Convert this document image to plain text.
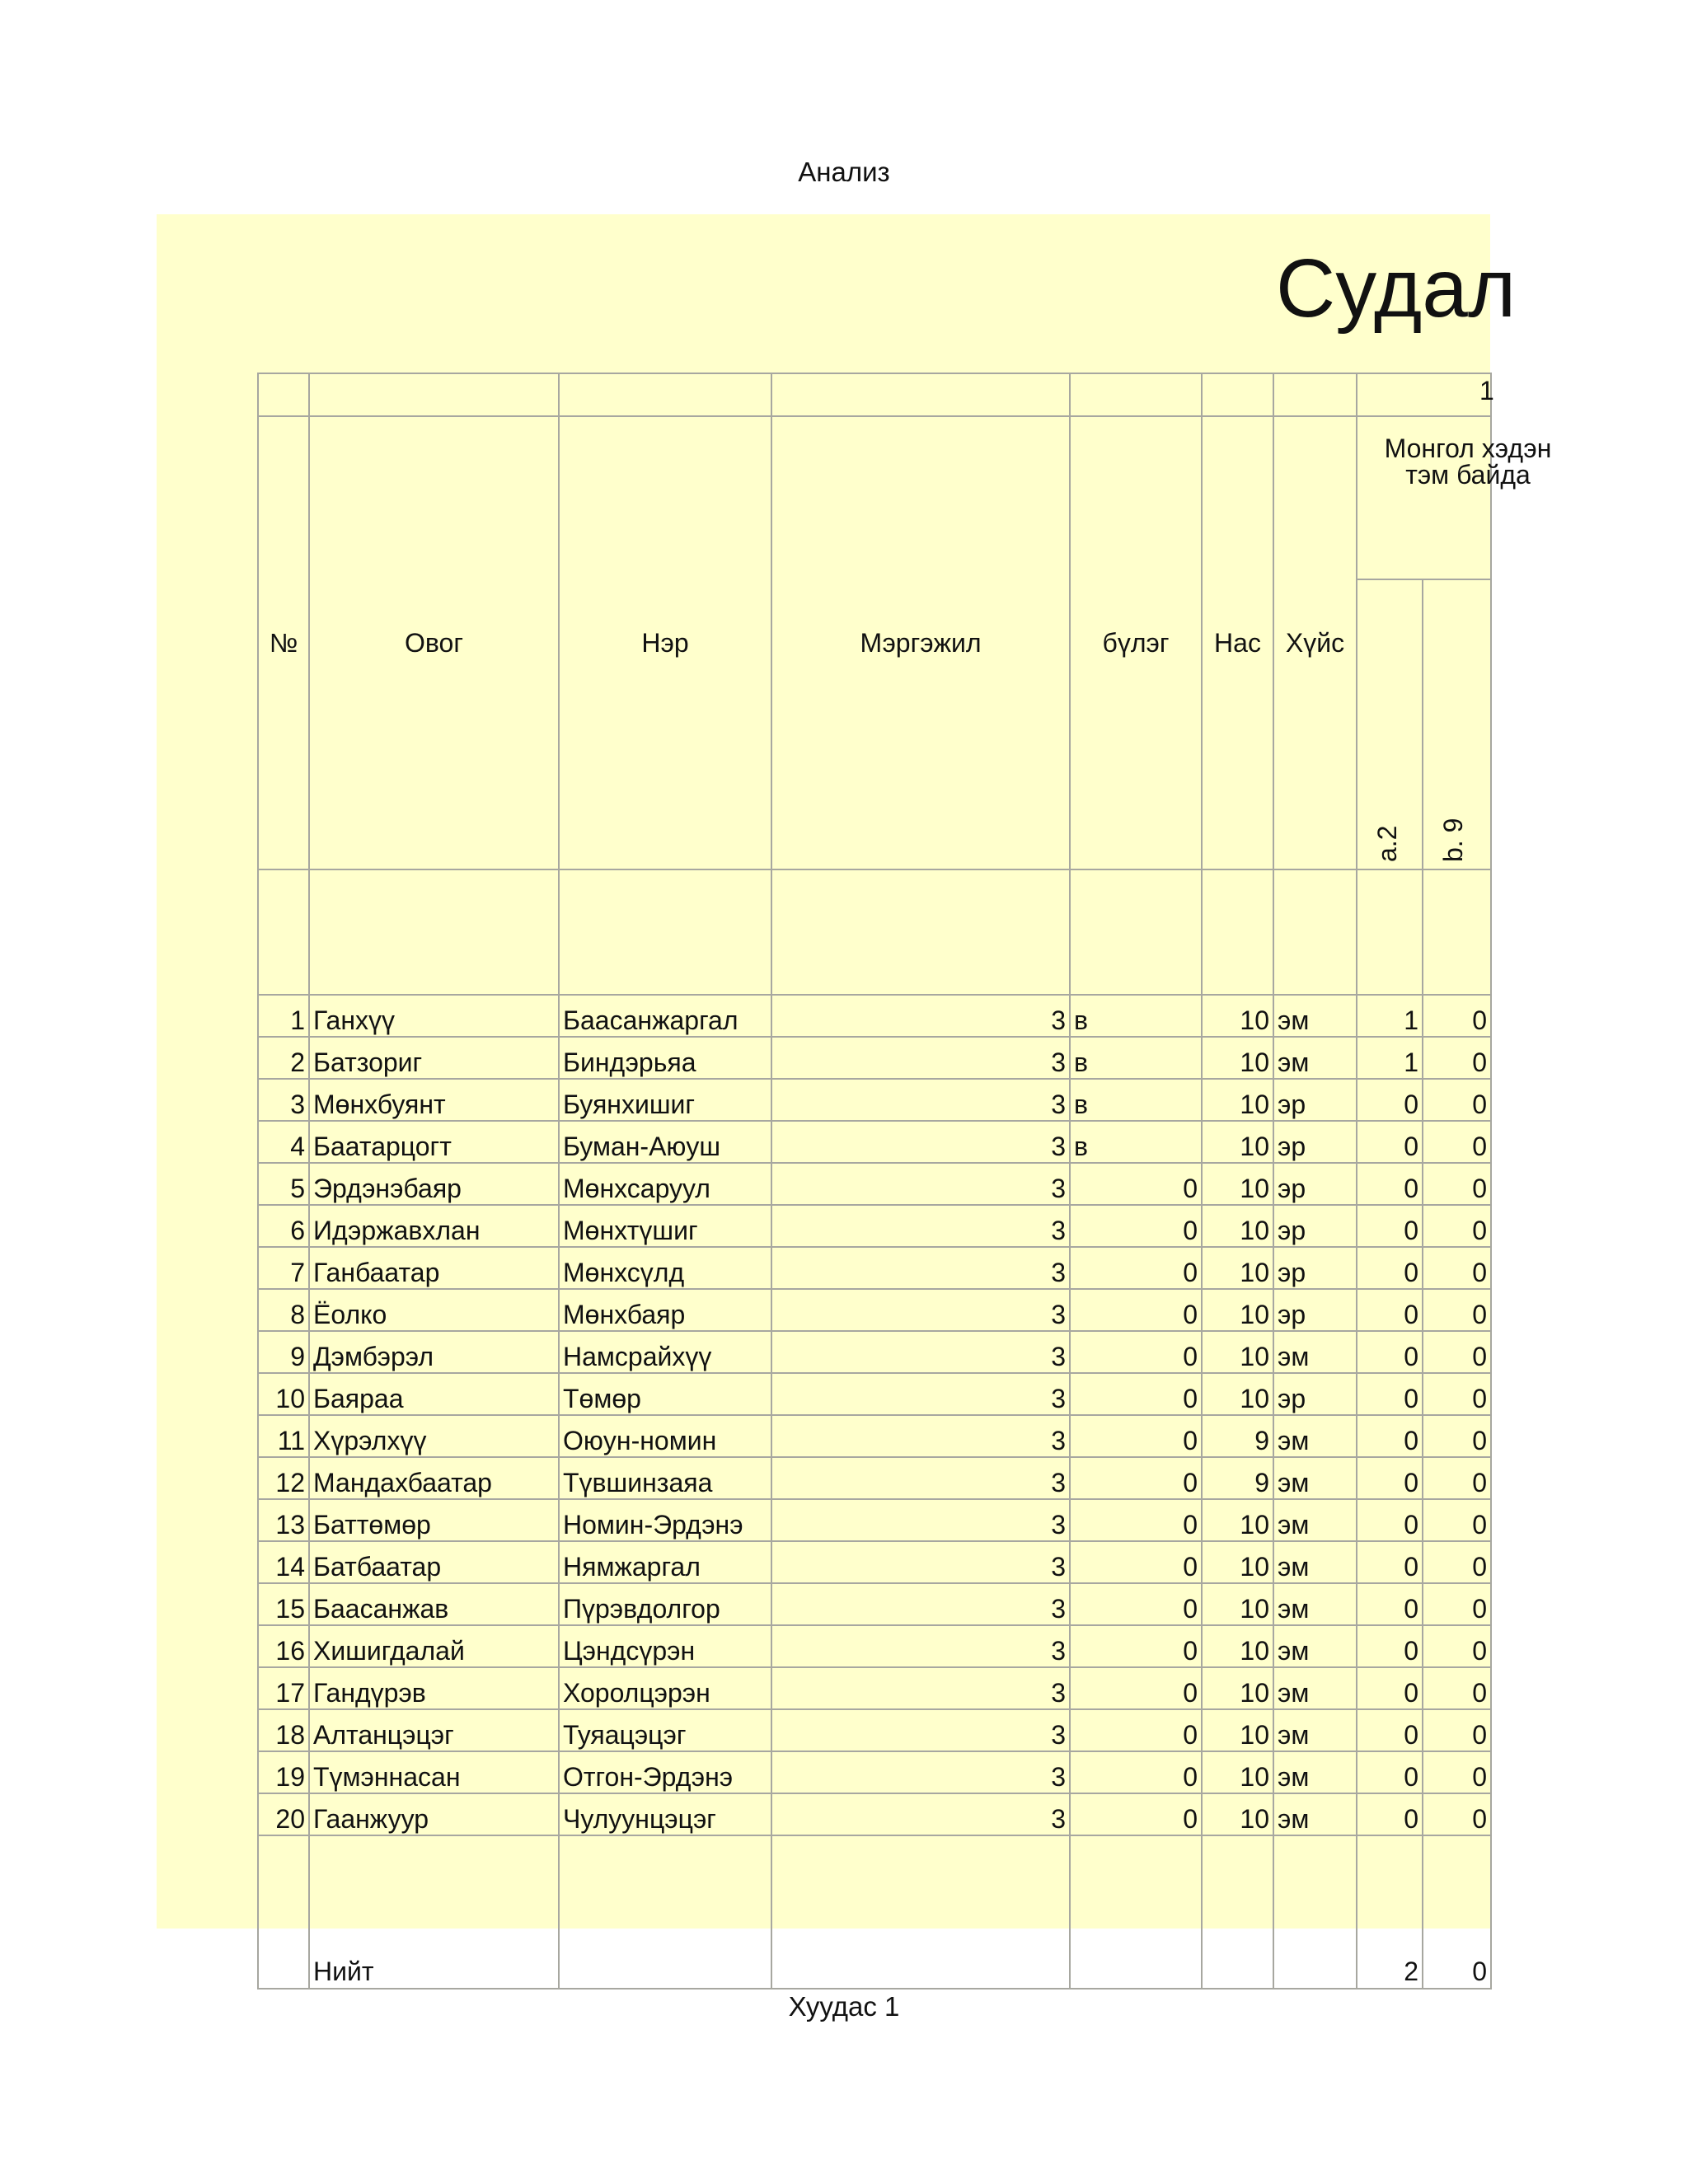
Анализ
Судал
							1	
№	Овог	Нэр	Мэргэжил	бүлэг	Нас	Хүйс	Монгол хэдэн тэм байда	

							a.2	b. 9

1	Ганхүү	Баасанжаргал	3	в	10	эм	1	0
2	Батзориг	Биндэрьяа	3	в	10	эм	1	0
3	Мөнхбуянт	Буянхишиг	3	в	10	эр	0	0
4	Баатарцогт	Буман-Аюуш	3	в	10	эр	0	0
5	Эрдэнэбаяр	Мөнхсаруул	3	0	10	эр	0	0
6	Идэржавхлан	Мөнхтүшиг	3	0	10	эр	0	0
7	Ганбаатар	Мөнхсүлд	3	0	10	эр	0	0
8	Ёолко	Мөнхбаяр	3	0	10	эр	0	0
9	Дэмбэрэл	Намсрайхүү	3	0	10	эм	0	0
10	Баяраа	Төмөр	3	0	10	эр	0	0
11	Хүрэлхүү	Оюун-номин	3	0	9	эм	0	0
12	Мандахбаатар	Түвшинзаяа	3	0	9	эм	0	0
13	Баттөмөр	Номин-Эрдэнэ	3	0	10	эм	0	0
14	Батбаатар	Нямжаргал	3	0	10	эм	0	0
15	Баасанжав	Пүрэвдолгор	3	0	10	эм	0	0
16	Хишигдалай	Цэндсүрэн	3	0	10	эм	0	0
17	Гандүрэв	Хоролцэрэн	3	0	10	эм	0	0
18	Алтанцэцэг	Туяацэцэг	3	0	10	эм	0	0
19	Түмэннасан	Отгон-Эрдэнэ	3	0	10	эм	0	0
20	Гаанжуур	Чулуунцэцэг	3	0	10	эм	0	0
	Нийт						2	0
Хуудас 1
